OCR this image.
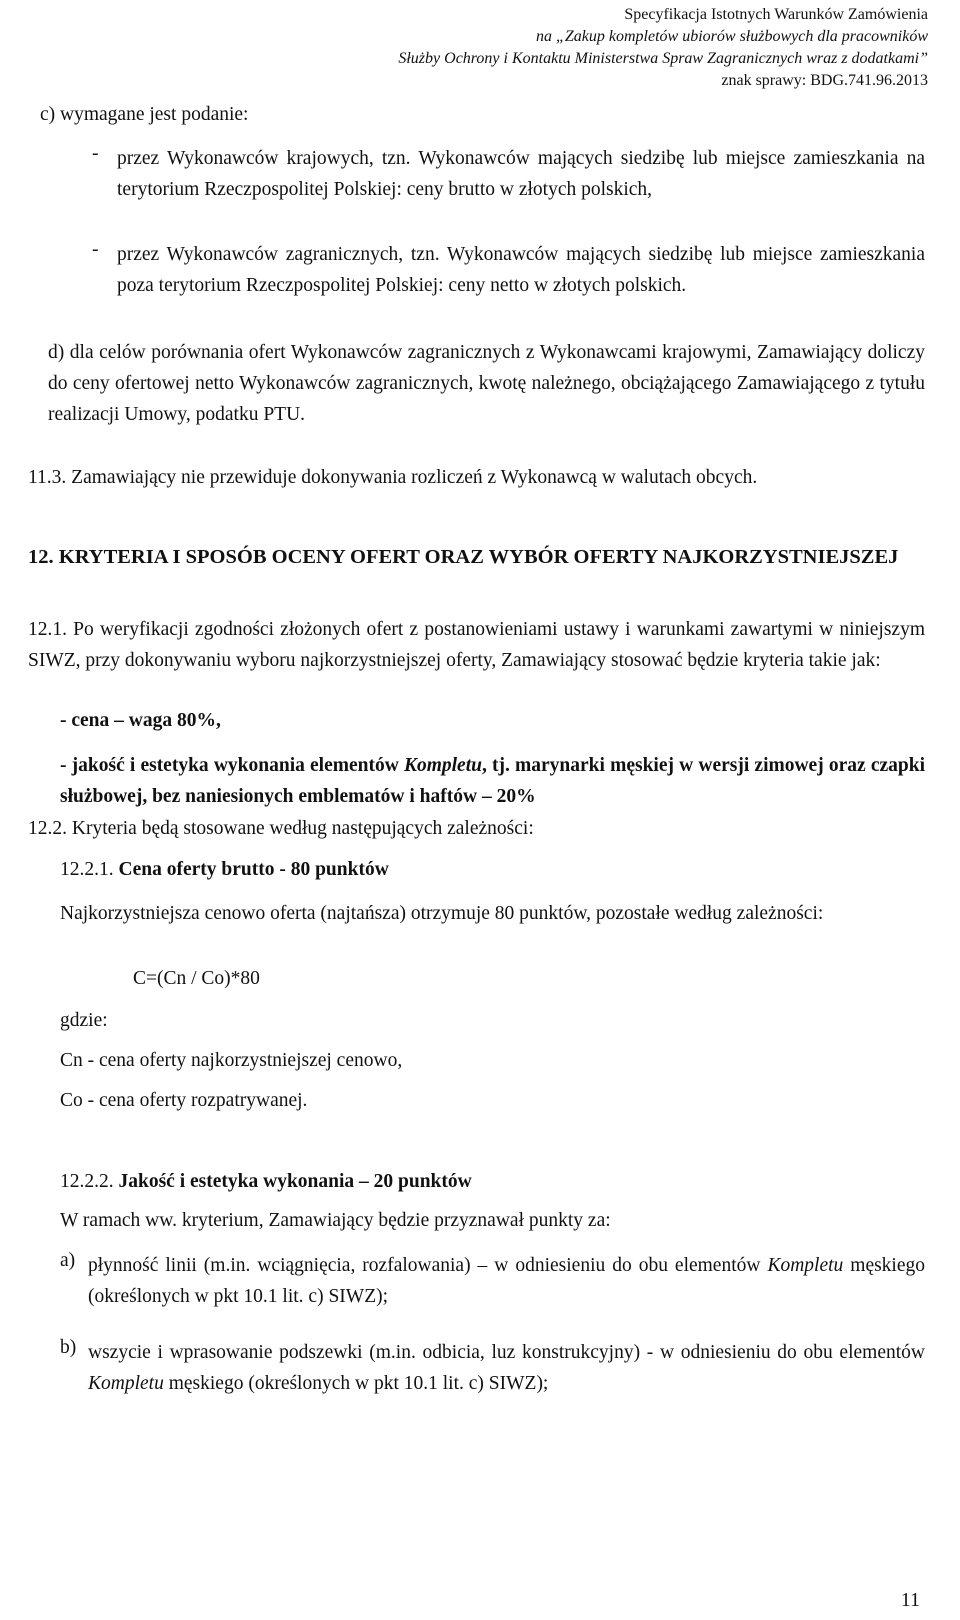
Specyfikacja Istotnych Warunków Zamówienia
na „Zakup kompletów ubiorów służbowych dla pracowników
Służby Ochrony i Kontaktu Ministerstwa Spraw Zagranicznych wraz z dodatkami”
znak sprawy: BDG.741.96.2013
c) wymagane jest podanie:
- przez Wykonawców krajowych, tzn. Wykonawców mających siedzibę lub miejsce zamieszkania na terytorium Rzeczpospolitej Polskiej: ceny brutto w złotych polskich,
- przez Wykonawców zagranicznych, tzn. Wykonawców mających siedzibę lub miejsce zamieszkania poza terytorium Rzeczpospolitej Polskiej: ceny netto w złotych polskich.
d) dla celów porównania ofert Wykonawców zagranicznych z Wykonawcami krajowymi, Zamawiający doliczy do ceny ofertowej netto Wykonawców zagranicznych, kwotę należnego, obciążającego Zamawiającego z tytułu realizacji Umowy, podatku PTU.
11.3. Zamawiający nie przewiduje dokonywania rozliczeń z Wykonawcą w walutach obcych.
12. KRYTERIA I SPOSÓB OCENY OFERT ORAZ WYBÓR OFERTY NAJKORZYSTNIEJSZEJ
12.1. Po weryfikacji zgodności złożonych ofert z postanowieniami ustawy i warunkami zawartymi w niniejszym SIWZ, przy dokonywaniu wyboru najkorzystniejszej oferty, Zamawiający stosować będzie kryteria takie jak:
- cena – waga 80%,
- jakość i estetyka wykonania elementów Kompletu, tj. marynarki męskiej w wersji zimowej oraz czapki służbowej, bez naniesionych emblematów i haftów – 20%
12.2. Kryteria będą stosowane według następujących zależności:
12.2.1. Cena oferty brutto - 80 punktów
Najkorzystniejsza cenowo oferta (najtańsza) otrzymuje 80 punktów, pozostałe według zależności:
C=(Cn / Co)*80
gdzie:
Cn - cena oferty najkorzystniejszej cenowo,
Co - cena oferty rozpatrywanej.
12.2.2. Jakość i estetyka wykonania – 20 punktów
W ramach ww. kryterium, Zamawiający będzie przyznawał punkty za:
a) płynność linii (m.in. wciągnięcia, rozfalowania) – w odniesieniu do obu elementów Kompletu męskiego (określonych w pkt 10.1 lit. c) SIWZ);
b) wszycie i wprasowanie podszewki (m.in. odbicia, luz konstrukcyjny) - w odniesieniu do obu elementów Kompletu męskiego (określonych w pkt 10.1 lit. c) SIWZ);
11
